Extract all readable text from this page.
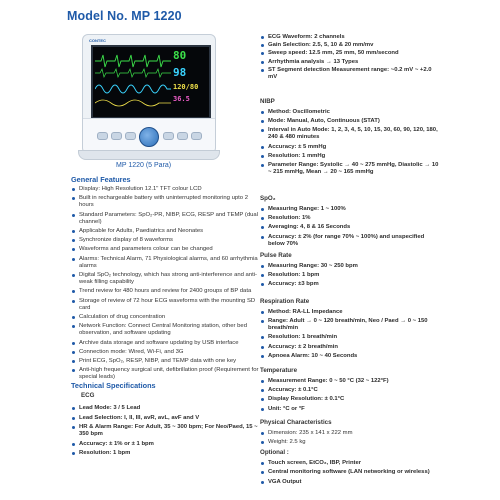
Model No. MP 1220
CONTEC
80
98
120/80
36.5
MP 1220 (5 Para)
General Features
Display: High Resolution 12.1" TFT colour LCD
Built in rechargeable battery with uninterrupted monitoring upto 2 hours
Standard Parameters: SpO₂-PR, NIBP, ECG, RESP and TEMP (dual channel)
Applicable for Adults, Paediatrics and Neonates
Synchronize display of 8 waveforms
Waveforms and parameters colour can be changed
Alarms: Technical Alarm, 71 Physiological alarms, and 60 arrhythmia alarms
Digital SpO₂ technology, which has strong anti-interference and anti-weak filling capability
Trend review for 480 hours and review for 2400 groups of BP data
Storage of review of 72 hour ECG waveforms with the mounting SD card
Calculation of drug concentration
Network Function: Connect Central Monitoring station, other bed observation, and software updating
Archive data storage and software updating by USB interface
Connection mode: Wired, Wi-Fi, and 3G
Print ECG, SpO₂, RESP, NIBP, and TEMP data with one key
Anti-high frequency surgical unit, defibrillation proof (Requirement for special leads)
Technical Specifications
ECG
Lead Mode: 3 / 5 Lead
Lead Selection: I, II, III, avR, avL, avF and V
HR & Alarm Range: For Adult, 35 ~ 300 bpm; For Neo/Paed, 15 ~ 350 bpm
Accuracy: ± 1% or ± 1 bpm
Resolution: 1 bpm
ECG Waveform: 2 channels
Gain Selection: 2.5, 5, 10 & 20 mm/mv
Sweep speed: 12.5 mm, 25 mm, 50 mm/second
Arrhythmia analysis → 13 Types
ST Segment detection Measurement range: ~0.2 mV ~ +2.0 mV
NIBP
Method: Oscillometric
Mode: Manual, Auto, Continuous (STAT)
Interval in Auto Mode: 1, 2, 3, 4, 5, 10, 15, 30, 60, 90, 120, 180, 240 & 480 minutes
Accuracy: ± 5 mmHg
Resolution: 1 mmHg
Parameter Range: Systolic → 40 ~ 275 mmHg, Diastolic → 10 ~ 215 mmHg, Mean → 20 ~ 165 mmHg
SpO₂
Measuring Range: 1 ~ 100%
Resolution: 1%
Averaging: 4, 8 & 16 Seconds
Accuracy: ± 2% (for range 70% ~ 100%) and unspecified below 70%
Pulse Rate
Measuring Range: 30 ~ 250 bpm
Resolution: 1 bpm
Accuracy: ±3 bpm
Respiration Rate
Method: RA-LL Impedance
Range: Adult → 0 ~ 120 breath/min, Neo / Paed → 0 ~ 150 breath/min
Resolution: 1 breath/min
Accuracy: ± 2 breath/min
Apnoea Alarm: 10 ~ 40 Seconds
Temperature
Measurement Range: 0 ~ 50 °C (32 ~ 122°F)
Accuracy: ± 0.1°C
Display Resolution: ± 0.1°C
Unit: °C or °F
Physical Characteristics
Dimension: 235 x 141 x 222 mm
Weight: 2.5 kg
Optional :
Touch screen, EtCO₂, IBP, Printer
Central monitoring software (LAN networking or wireless)
VGA Output
